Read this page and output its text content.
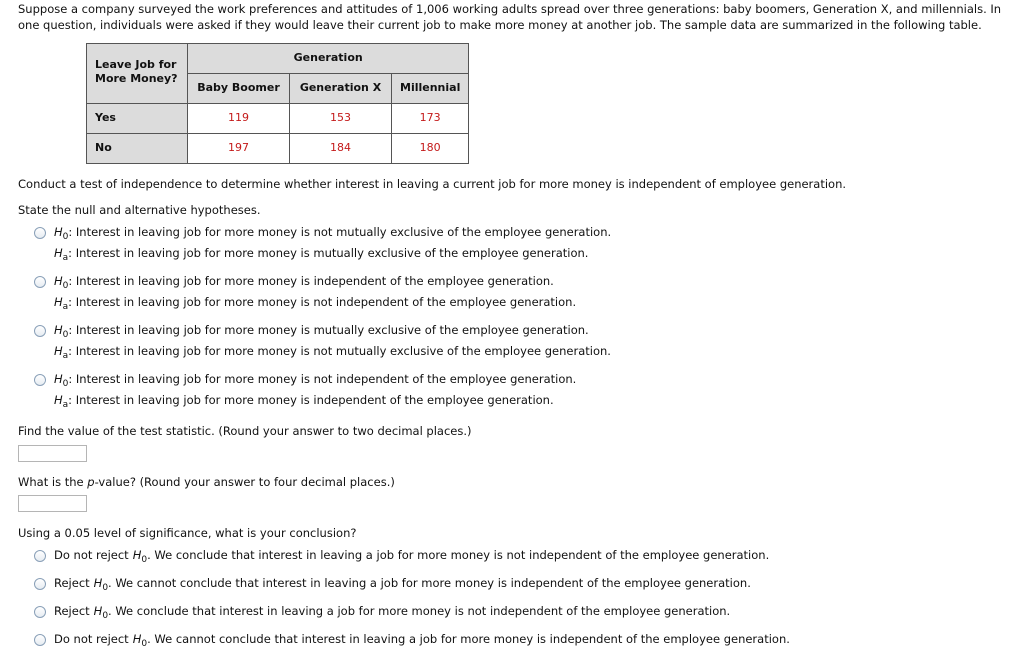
Suppose a company surveyed the work preferences and attitudes of 1,006 working adults spread over three generations: baby boomers, Generation X, and millennials. In one question, individuals were asked if they would leave their current job to make more money at another job. The sample data are summarized in the following table.
Leave Job for More Money?	Generation		
	Baby Boomer	Generation X	Millennial
Yes	119	153	173
No	197	184	180
Conduct a test of independence to determine whether interest in leaving a current job for more money is independent of employee generation.
State the null and alternative hypotheses.
$H_0$ : Interest in leaving job for more money is not mutually exclusive of the employee generation.
$H_a$ : Interest in leaving job for more money is mutually exclusive of the employee generation.
$H_0$ : Interest in leaving job for more money is independent of the employee generation.
$H_a$ : Interest in leaving job for more money is not independent of the employee generation.
$H_0$ : Interest in leaving job for more money is mutually exclusive of the employee generation.
$H_a$ : Interest in leaving job for more money is not mutually exclusive of the employee generation.
$H_0$ : Interest in leaving job for more money is not independent of the employee generation.
$H_a$ : Interest in leaving job for more money is independent of the employee generation.
Find the value of the test statistic. (Round your answer to two decimal places.)
What is the p-value? (Round your answer to four decimal places.)
Using a 0.05 level of significance, what is your conclusion?
Do not reject $H_0$ . We conclude that interest in leaving a job for more money is not independent of the employee generation.
Reject $H_0$ . We cannot conclude that interest in leaving a job for more money is independent of the employee generation.
Reject $H_0$ . We conclude that interest in leaving a job for more money is not independent of the employee generation.
Do not reject $H_0$ . We cannot conclude that interest in leaving a job for more money is independent of the employee generation.
